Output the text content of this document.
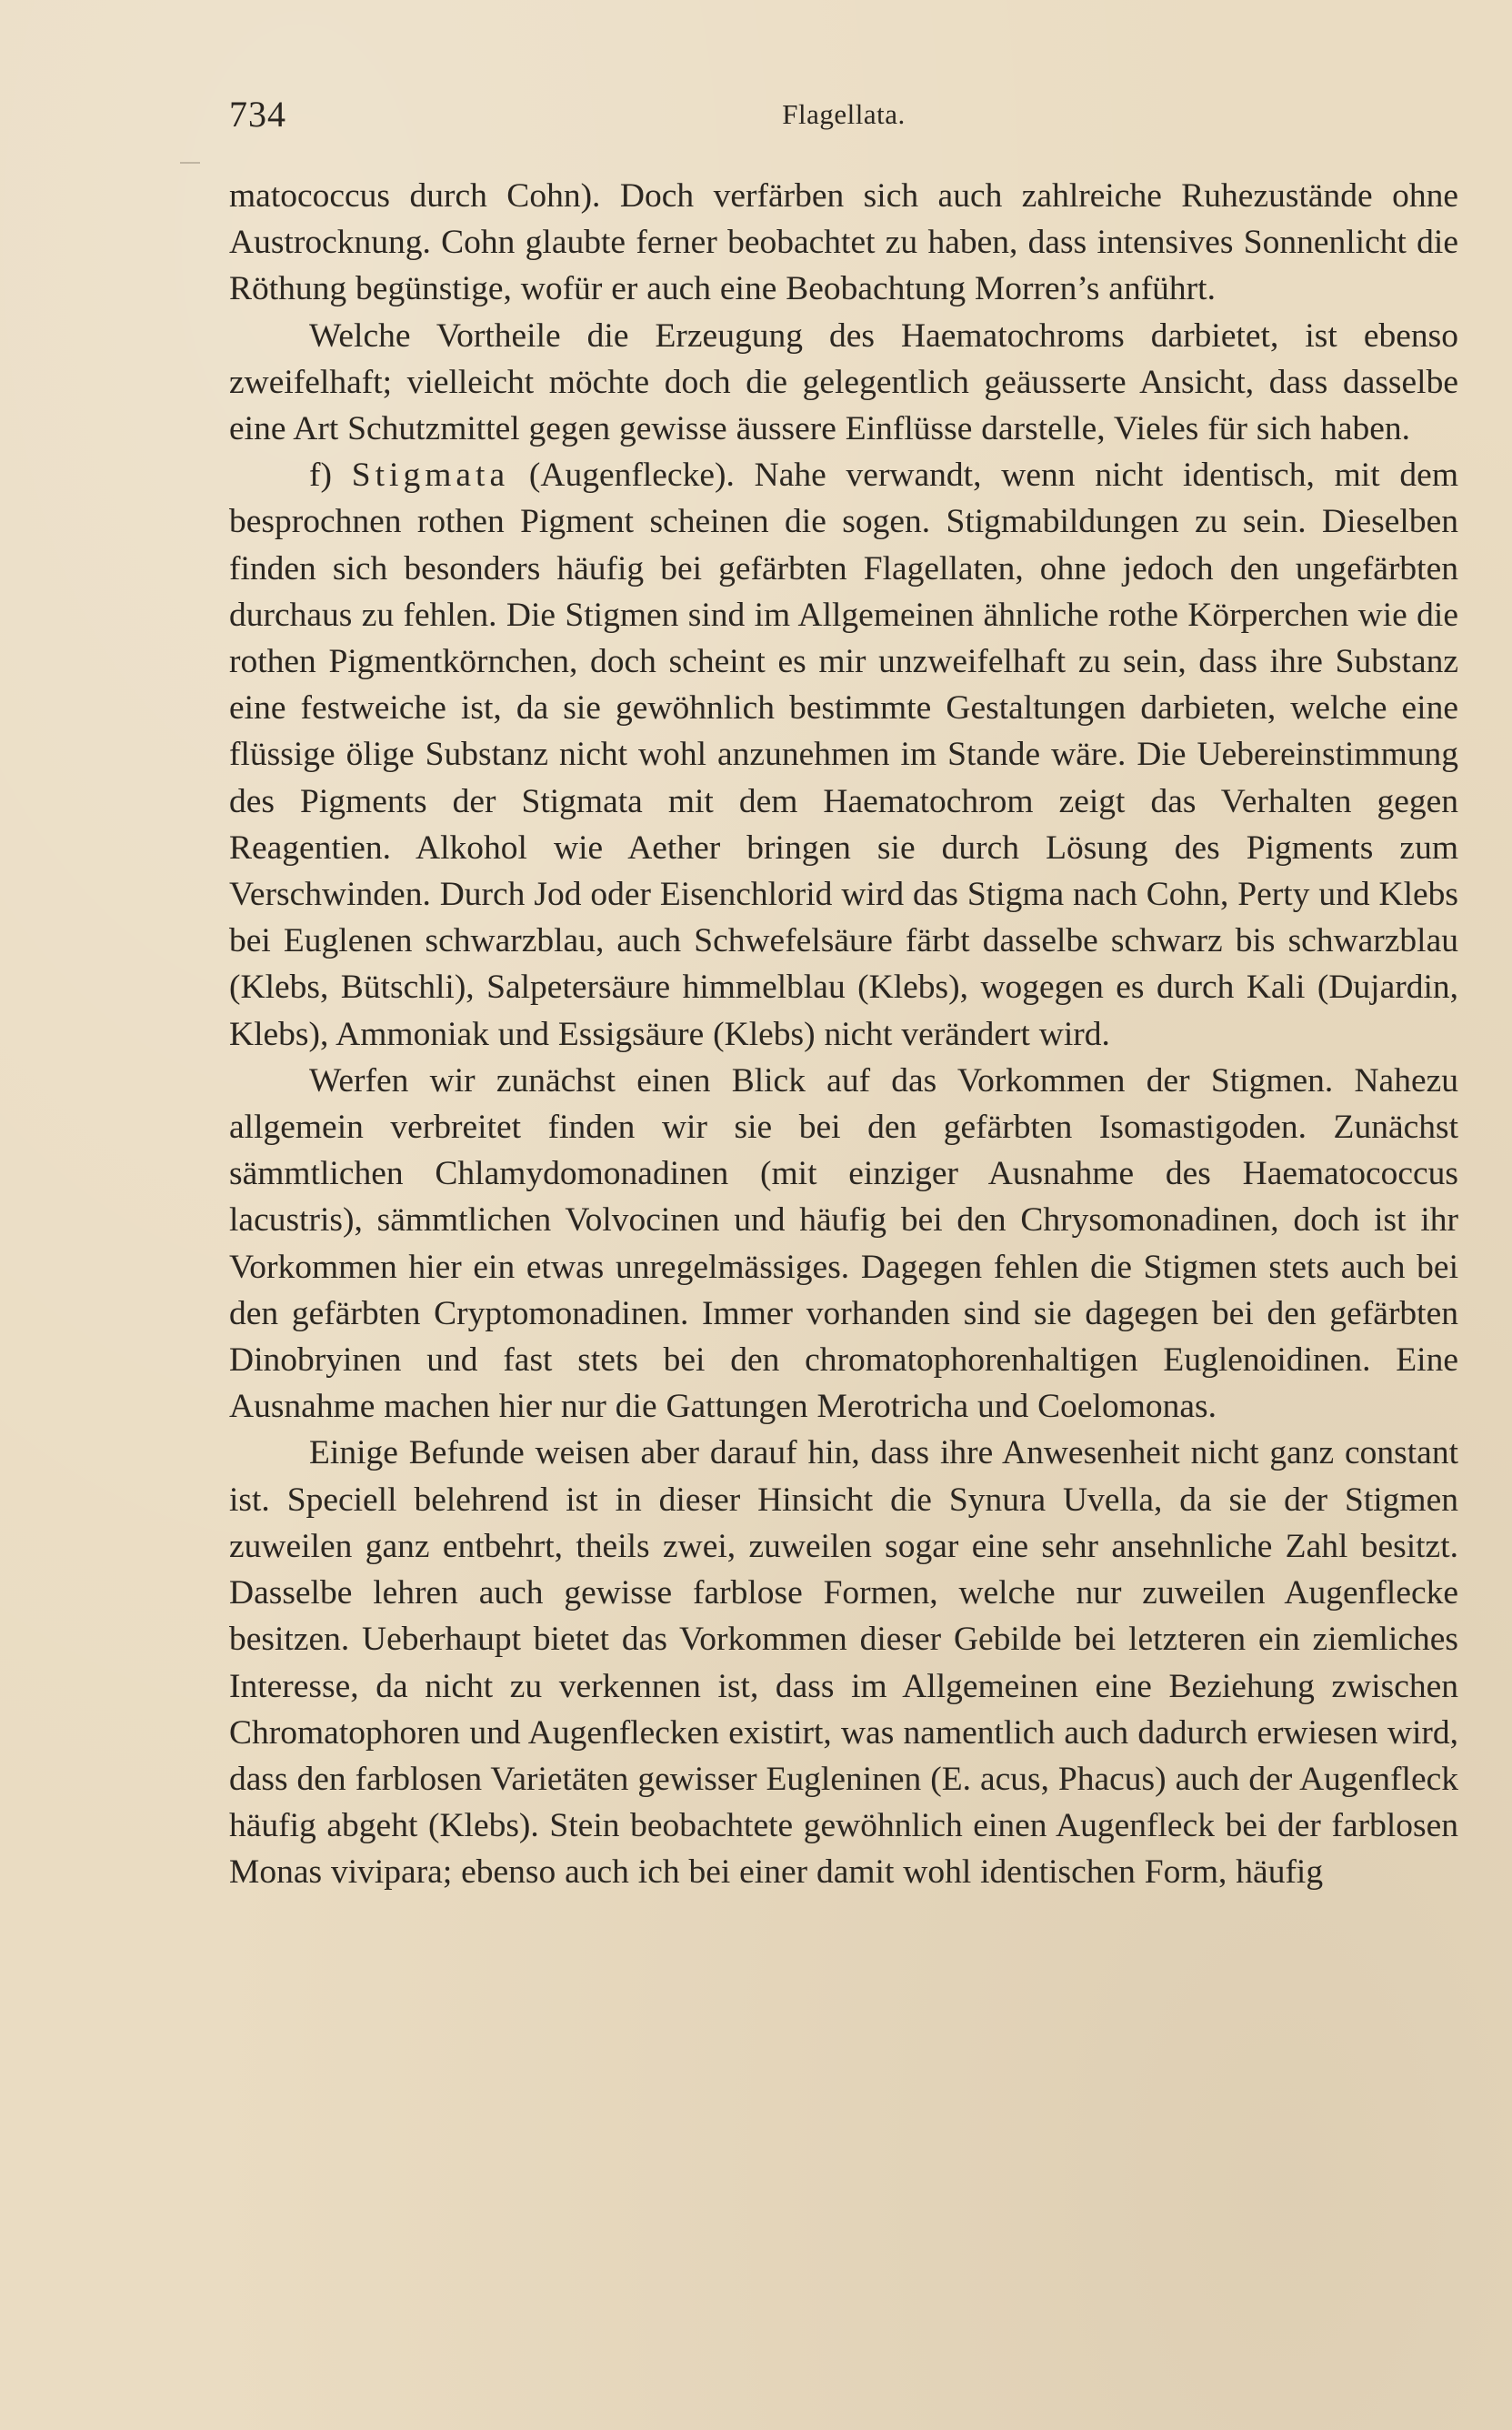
734	Flagellata.

matococcus durch Cohn). Doch verfärben sich auch zahlreiche Ruhezustände ohne Austrocknung. Cohn glaubte ferner beobachtet zu haben, dass intensives Sonnenlicht die Röthung begünstige, wofür er auch eine Beobachtung Morren’s anführt.

Welche Vortheile die Erzeugung des Haematochroms darbietet, ist ebenso zweifelhaft; vielleicht möchte doch die gelegentlich geäusserte Ansicht, dass dasselbe eine Art Schutzmittel gegen gewisse äussere Einflüsse darstelle, Vieles für sich haben.

f) Stigmata (Augenflecke). Nahe verwandt, wenn nicht identisch, mit dem besprochnen rothen Pigment scheinen die sogen. Stigmabildungen zu sein. Dieselben finden sich besonders häufig bei gefärbten Flagellaten, ohne jedoch den ungefärbten durchaus zu fehlen. Die Stigmen sind im Allgemeinen ähnliche rothe Körperchen wie die rothen Pigmentkörnchen, doch scheint es mir unzweifelhaft zu sein, dass ihre Substanz eine festweiche ist, da sie gewöhnlich bestimmte Gestaltungen darbieten, welche eine flüssige ölige Substanz nicht wohl anzunehmen im Stande wäre. Die Uebereinstimmung des Pigments der Stigmata mit dem Haematochrom zeigt das Verhalten gegen Reagentien. Alkohol wie Aether bringen sie durch Lösung des Pigments zum Verschwinden. Durch Jod oder Eisenchlorid wird das Stigma nach Cohn, Perty und Klebs bei Euglenen schwarzblau, auch Schwefelsäure färbt dasselbe schwarz bis schwarzblau (Klebs, Bütschli), Salpetersäure himmelblau (Klebs), wogegen es durch Kali (Dujardin, Klebs), Ammoniak und Essigsäure (Klebs) nicht verändert wird.

Werfen wir zunächst einen Blick auf das Vorkommen der Stigmen. Nahezu allgemein verbreitet finden wir sie bei den gefärbten Isomastigoden. Zunächst sämmtlichen Chlamydomonadinen (mit einziger Ausnahme des Haematococcus lacustris), sämmtlichen Volvocinen und häufig bei den Chrysomonadinen, doch ist ihr Vorkommen hier ein etwas unregelmässiges. Dagegen fehlen die Stigmen stets auch bei den gefärbten Cryptomonadinen. Immer vorhanden sind sie dagegen bei den gefärbten Dinobryinen und fast stets bei den chromatophorenhaltigen Euglenoidinen. Eine Ausnahme machen hier nur die Gattungen Merotricha und Coelomonas.

Einige Befunde weisen aber darauf hin, dass ihre Anwesenheit nicht ganz constant ist. Speciell belehrend ist in dieser Hinsicht die Synura Uvella, da sie der Stigmen zuweilen ganz entbehrt, theils zwei, zuweilen sogar eine sehr ansehnliche Zahl besitzt. Dasselbe lehren auch gewisse farblose Formen, welche nur zuweilen Augenflecke besitzen. Ueberhaupt bietet das Vorkommen dieser Gebilde bei letzteren ein ziemliches Interesse, da nicht zu verkennen ist, dass im Allgemeinen eine Beziehung zwischen Chromatophoren und Augenflecken existirt, was namentlich auch dadurch erwiesen wird, dass den farblosen Varietäten gewisser Eugleninen (E. acus, Phacus) auch der Augenfleck häufig abgeht (Klebs). Stein beobachtete gewöhnlich einen Augenfleck bei der farblosen Monas vivipara; ebenso auch ich bei einer damit wohl identischen Form, häufig
